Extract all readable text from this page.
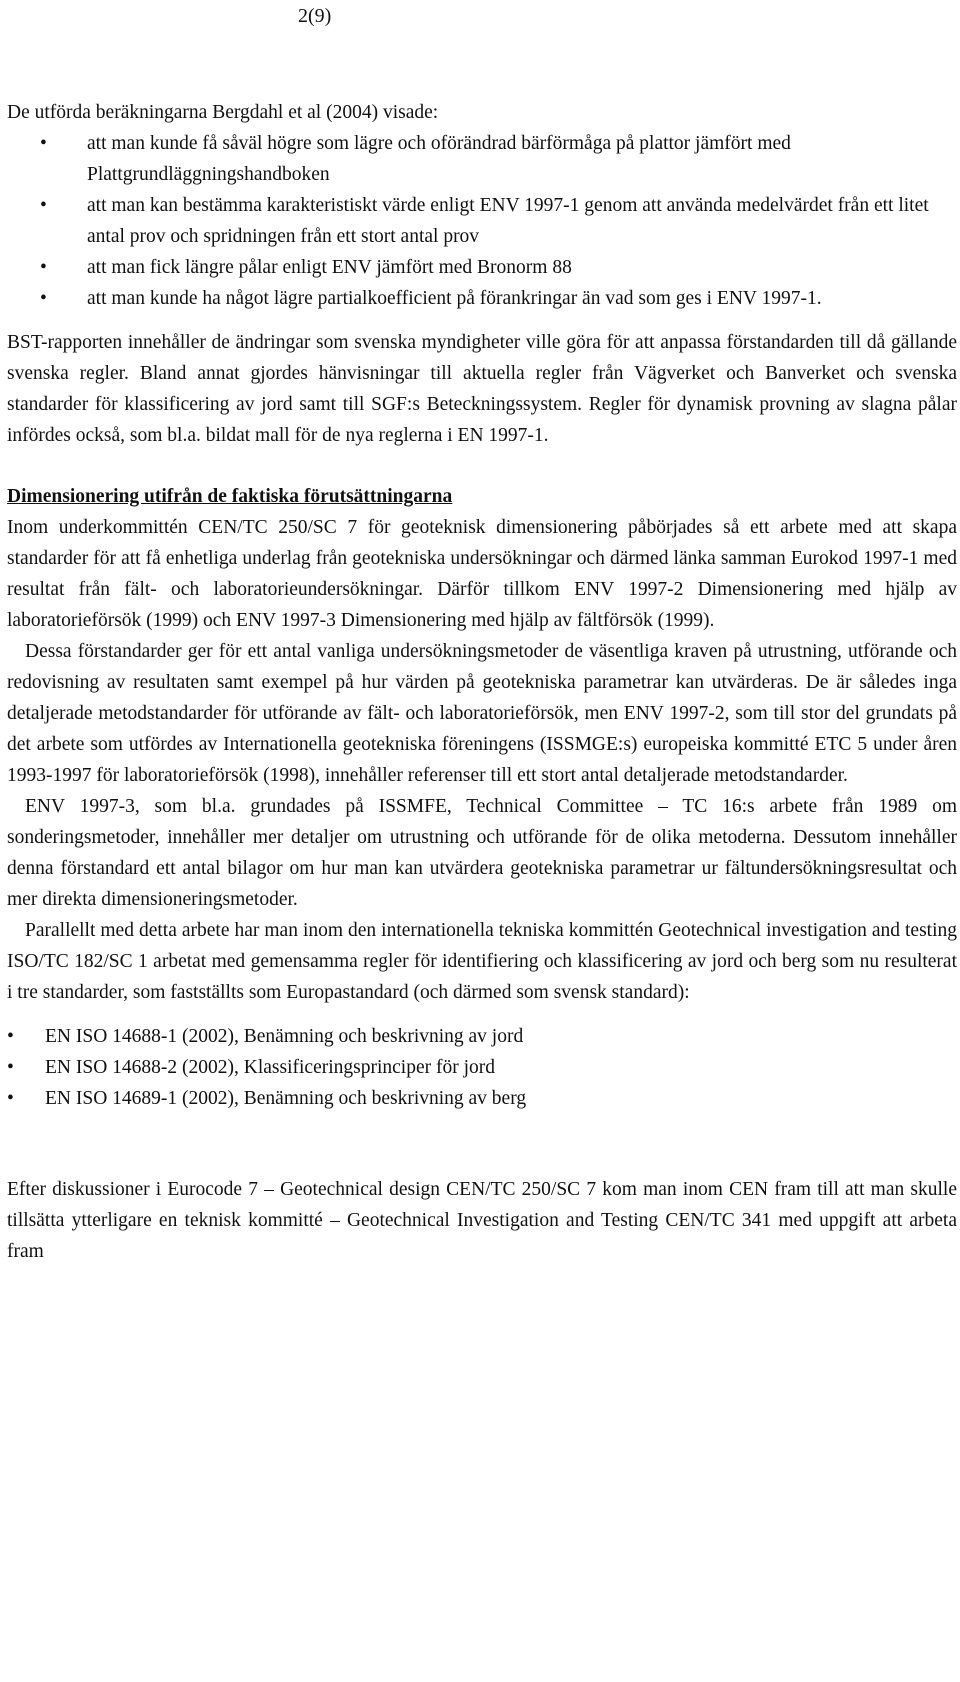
2(9)

De utförda beräkningarna Bergdahl et al (2004) visade:

• att man kunde få såväl högre som lägre och oförändrad bärförmåga på plattor jämfört med Plattgrundläggningshandboken
• att man kan bestämma karakteristiskt värde enligt ENV 1997-1 genom att använda medelvärdet från ett litet antal prov och spridningen från ett stort antal prov
• att man fick längre pålar enligt ENV jämfört med Bronorm 88
• att man kunde ha något lägre partialkoefficient på förankringar än vad som ges i ENV 1997-1.

BST-rapporten innehåller de ändringar som svenska myndigheter ville göra för att anpassa förstandarden till då gällande svenska regler. Bland annat gjordes hänvisningar till aktuella regler från Vägverket och Banverket och svenska standarder för klassificering av jord samt till SGF:s Beteckningssystem. Regler för dynamisk provning av slagna pålar infördes också, som bl.a. bildat mall för de nya reglerna i EN 1997-1.

Dimensionering utifrån de faktiska förutsättningarna

Inom underkommittén CEN/TC 250/SC 7 för geoteknisk dimensionering påbörjades så ett arbete med att skapa standarder för att få enhetliga underlag från geotekniska undersökningar och därmed länka samman Eurokod 1997-1 med resultat från fält- och laboratorieundersökningar. Därför tillkom ENV 1997-2 Dimensionering med hjälp av laboratorieförsök (1999) och ENV 1997-3 Dimensionering med hjälp av fältförsök (1999).

Dessa förstandarder ger för ett antal vanliga undersökningsmetoder de väsentliga kraven på utrustning, utförande och redovisning av resultaten samt exempel på hur värden på geotekniska parametrar kan utvärderas. De är således inga detaljerade metodstandarder för utförande av fält- och laboratorieförsök, men ENV 1997-2, som till stor del grundats på det arbete som utfördes av Internationella geotekniska föreningens (ISSMGE:s) europeiska kommitté ETC 5 under åren 1993-1997 för laboratorieförsök (1998), innehåller referenser till ett stort antal detaljerade metodstandarder.

ENV 1997-3, som bl.a. grundades på ISSMFE, Technical Committee – TC 16:s arbete från 1989 om sonderingsmetoder, innehåller mer detaljer om utrustning och utförande för de olika metoderna. Dessutom innehåller denna förstandard ett antal bilagor om hur man kan utvärdera geotekniska parametrar ur fältundersökningsresultat och mer direkta dimensioneringsmetoder.

Parallellt med detta arbete har man inom den internationella tekniska kommittén Geotechnical investigation and testing ISO/TC 182/SC 1 arbetat med gemensamma regler för identifiering och klassificering av jord och berg som nu resulterat i tre standarder, som fastställts som Europastandard (och därmed som svensk standard):

• EN ISO 14688-1 (2002), Benämning och beskrivning av jord
• EN ISO 14688-2 (2002), Klassificeringsprinciper för jord
• EN ISO 14689-1 (2002), Benämning och beskrivning av berg

Efter diskussioner i Eurocode 7 – Geotechnical design CEN/TC 250/SC 7 kom man inom CEN fram till att man skulle tillsätta ytterligare en teknisk kommitté – Geotechnical Investigation and Testing CEN/TC 341 med uppgift att arbeta fram
